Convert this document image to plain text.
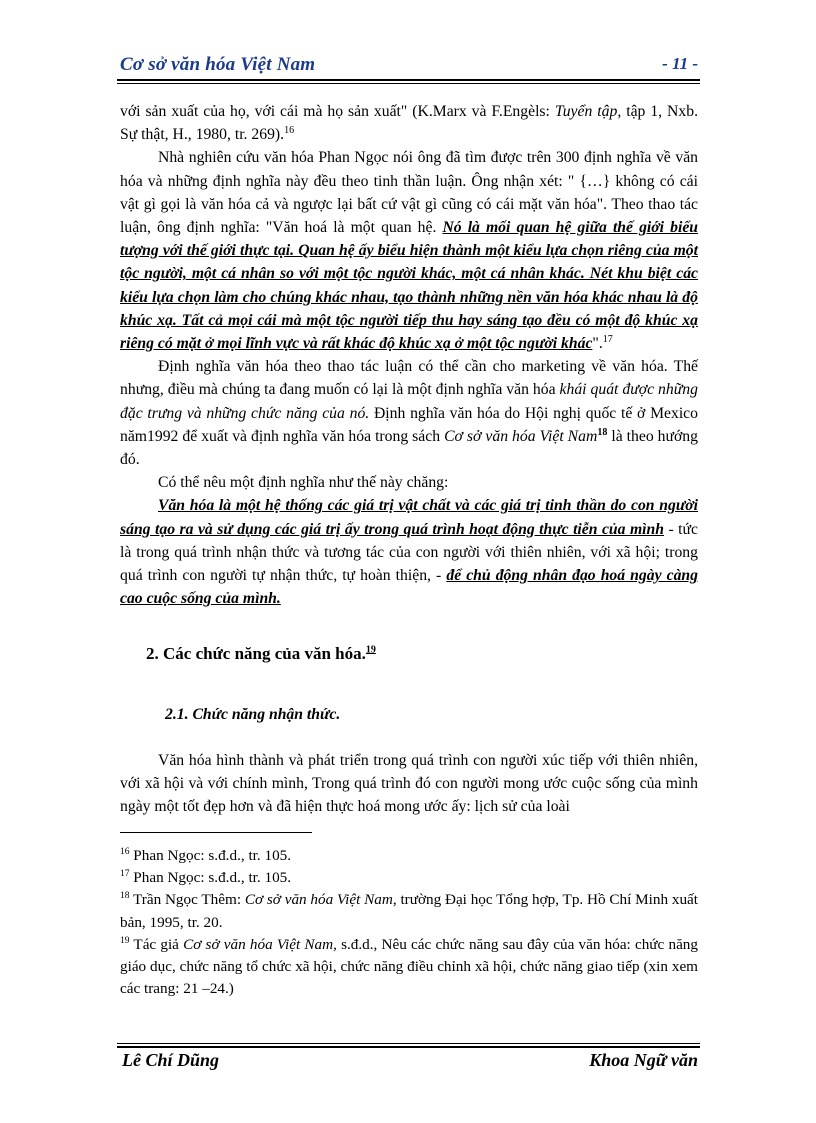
Cơ sở văn hóa Việt Nam	- 11 -

với sản xuất của họ, với cái mà họ sản xuất" (K.Marx và F.Engèls: Tuyển tập, tập 1, Nxb. Sự thật, H., 1980, tr. 269).$^{16}$

Nhà nghiên cứu văn hóa Phan Ngọc nói ông đã tìm được trên 300 định nghĩa về văn hóa và những định nghĩa này đều theo tinh thần luận. Ông nhận xét: " {…} không có cái vật gì gọi là văn hóa cả và ngược lại bất cứ vật gì cũng có cái mặt văn hóa". Theo thao tác luận, ông định nghĩa: "Văn hoá là một quan hệ. Nó là mối quan hệ giữa thế giới biểu tượng với thế giới thực tại. Quan hệ ấy biểu hiện thành một kiểu lựa chọn riêng của một tộc người, một cá nhân so với một tộc người khác, một cá nhân khác. Nét khu biệt các kiểu lựa chọn làm cho chúng khác nhau, tạo thành những nền văn hóa khác nhau là độ khúc xạ. Tất cả mọi cái mà một tộc người tiếp thu hay sáng tạo đều có một độ khúc xạ riêng có mặt ở mọi lĩnh vực và rất khác độ khúc xạ ở một tộc người khác".$^{17}$

Định nghĩa văn hóa theo thao tác luận có thể cần cho marketing về văn hóa. Thế nhưng, điều mà chúng ta đang muốn có lại là một định nghĩa văn hóa khái quát được những đặc trưng và những chức năng của nó. Định nghĩa văn hóa do Hội nghị quốc tế ở Mexico năm1992 để xuất và định nghĩa văn hóa trong sách Cơ sở văn hóa Việt Nam$^{18}$ là theo hướng đó.

Có thể nêu một định nghĩa như thế này chăng:

Văn hóa là một hệ thống các giá trị vật chất và các giá trị tinh thần do con người sáng tạo ra và sử dụng các giá trị ấy trong quá trình hoạt động thực tiễn của mình - tức là trong quá trình nhận thức và tương tác của con người với thiên nhiên, với xã hội; trong quá trình con người tự nhận thức, tự hoàn thiện, - để chủ động nhân đạo hoá ngày càng cao cuộc sống của mình.

2. Các chức năng của văn hóa.$^{19}$
2.1. Chức năng nhận thức.

Văn hóa hình thành và phát triển trong quá trình con người xúc tiếp với thiên nhiên, với xã hội và với chính mình, Trong quá trình đó con người mong ước cuộc sống của mình ngày một tốt đẹp hơn và đã hiện thực hoá mong ước ấy: lịch sử của loài

$^{16}$ Phan Ngọc: s.đ.d., tr. 105.

$^{17}$ Phan Ngọc: s.đ.d., tr. 105.

$^{18}$ Trần Ngọc Thêm: Cơ sở văn hóa Việt Nam, trường Đại học Tổng hợp, Tp. Hồ Chí Minh xuất bản, 1995, tr. 20.

$^{19}$ Tác giả Cơ sở văn hóa Việt Nam, s.đ.d., Nêu các chức năng sau đây của văn hóa: chức năng giáo dục, chức năng tổ chức xã hội, chức năng điều chỉnh xã hội, chức năng giao tiếp (xin xem các trang: 21 –24.)

Lê Chí Dũng	Khoa Ngữ văn
